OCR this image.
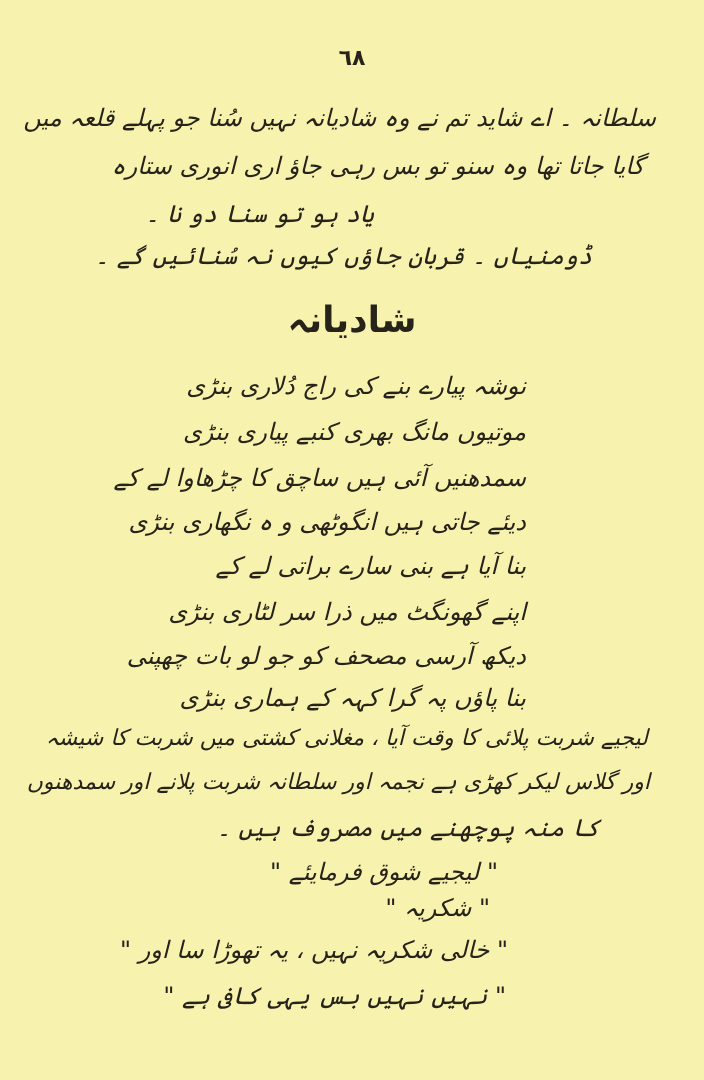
٦٨
سلطانہ ۔ اے شاید تم نے وہ شادیانہ نہیں سُنا جو پہلے قلعہ میں
گایا جاتا تھا وہ سنو تو بس رہی جاؤ اری انوری ستارہ
یاد ہو تو سنا دو نا ۔
ڈومنیاں ۔ قربان جاؤں کیوں نہ سُنائیں گے ۔
شادیانہ
نوشہ پیارے بنے کی راج دُلاری بنڑی
موتیوں مانگ بھری کنبے پیاری بنڑی
سمدھنیں آئی ہیں ساچق کا چڑھاوا لے کے
دیئے جاتی ہیں انگوٹھی و ہ نگھاری بنڑی
بنا آیا ہے بنی سارے براتی لے کے
اپنے گھونگٹ میں ذرا سر لٹاری بنڑی
دیکھ آرسی مصحف کو جو لو بات چھپنی
بنا پاؤں پہ گرا کہہ کے ہماری بنڑی
لیجیے شربت پلائی کا وقت آیا ، مغلانی کشتی میں شربت کا شیشہ
اور گلاس لیکر کھڑی ہے نجمہ اور سلطانہ شربت پلانے اور سمدھنوں
کا منہ پوچھنے میں مصروف ہیں ۔
" لیجیے شوق فرمایئے "
" شکریہ "
" خالی شکریہ نہیں ، یہ تھوڑا سا اور "
" نہیں نہیں بس یہی کافی ہے "
